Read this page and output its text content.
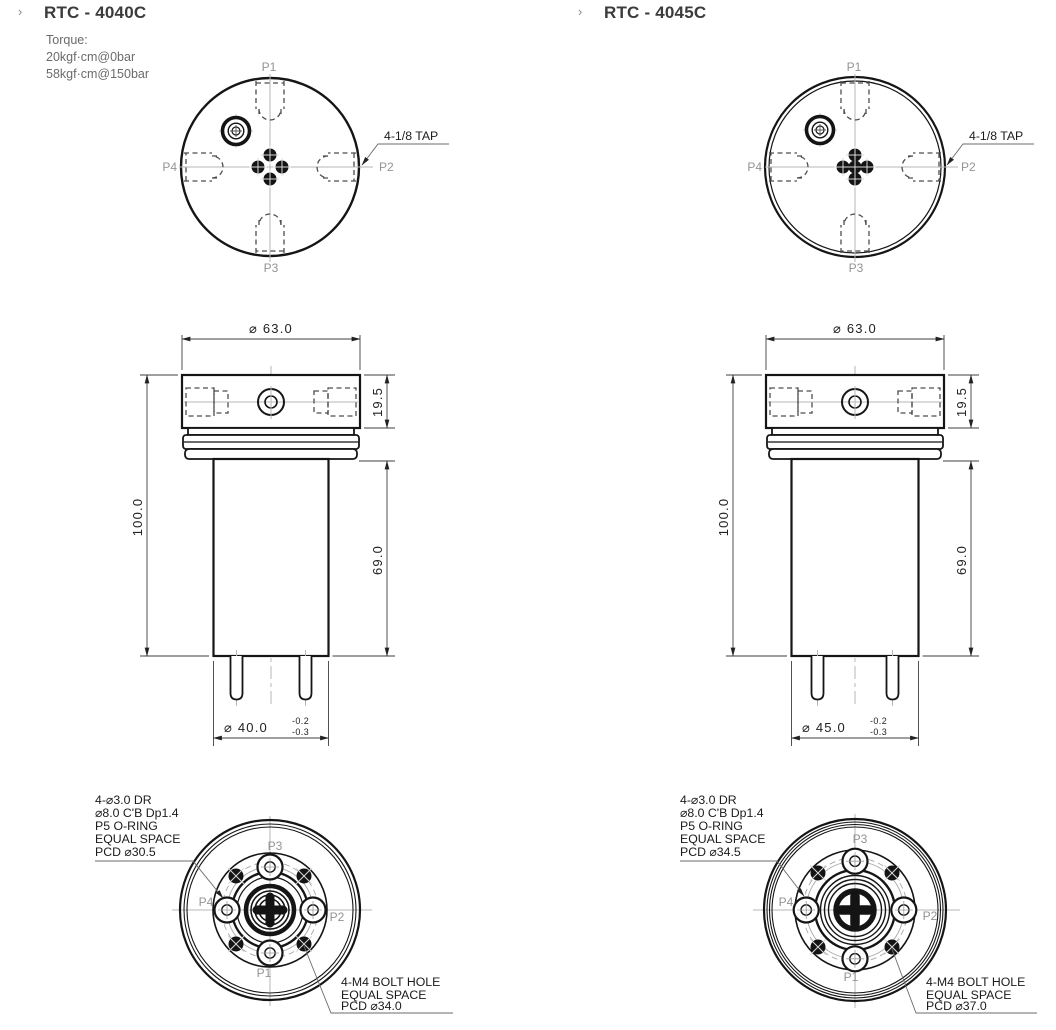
› RTC - 4040C
Torque:
20kgf·cm@0bar
58kgf·cm@150bar	P1
P2
P3
P4
4-1/8 TAP
⌀ 63.0
100.0
19.5
69.0
⌀ 40.0	-0.2
-0.3
P3
P2
P1
P4
4-⌀3.0 DR
⌀8.0 C'B Dp1.4
P5 O-RING
EQUAL SPACE
PCD ⌀30.5
4-M4 BOLT HOLE
EQUAL SPACE
PCD ⌀34.0
› RTC - 4045C
P1
P2
P3
P4
4-1/8 TAP
⌀ 63.0
100.0
19.5
69.0
⌀ 45.0	-0.2
-0.3
P3
P2
P1
P4
4-⌀3.0 DR
⌀8.0 C'B Dp1.4
P5 O-RING
EQUAL SPACE
PCD ⌀34.5
4-M4 BOLT HOLE
EQUAL SPACE
PCD ⌀37.0
